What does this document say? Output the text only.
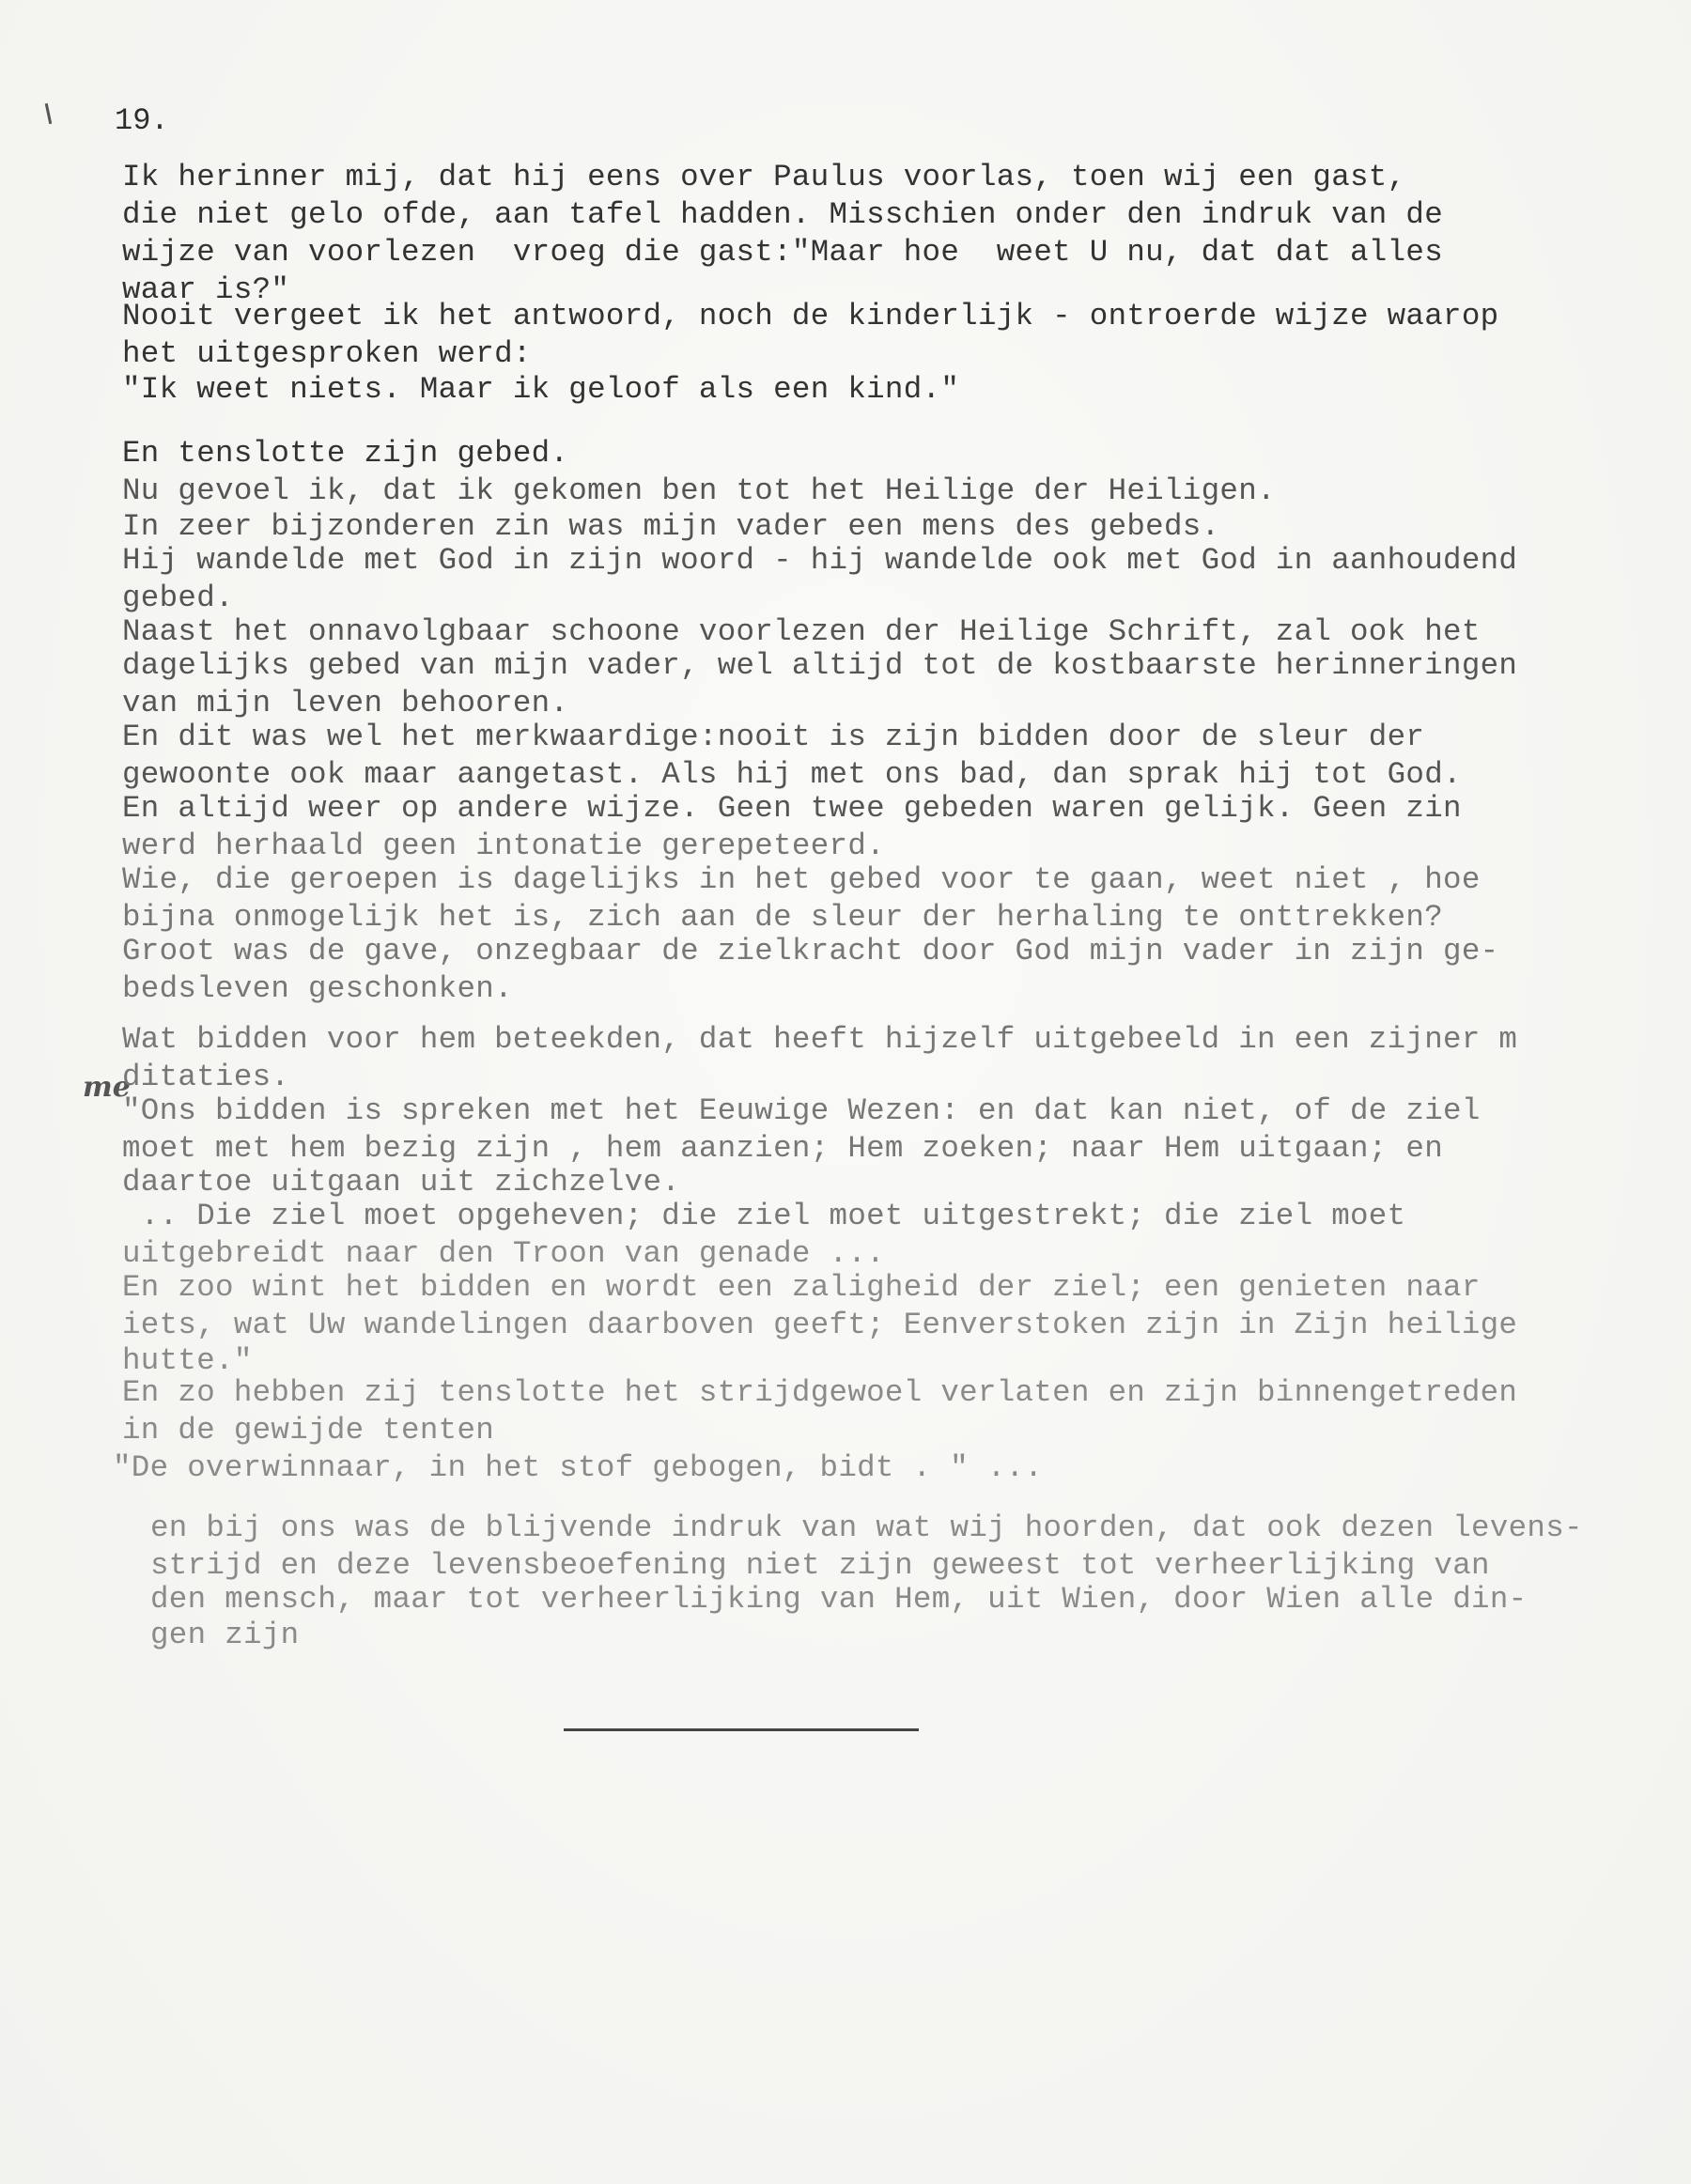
19.
me
Ik herinner mij, dat hij eens over Paulus voorlas, toen wij een gast,
die niet gelo ofde, aan tafel hadden. Misschien onder den indruk van de
wijze van voorlezen  vroeg die gast:"Maar hoe  weet U nu, dat dat alles
waar is?"
Nooit vergeet ik het antwoord, noch de kinderlijk - ontroerde wijze waarop
het uitgesproken werd:
"Ik weet niets. Maar ik geloof als een kind."
En tenslotte zijn gebed.
Nu gevoel ik, dat ik gekomen ben tot het Heilige der Heiligen.
In zeer bijzonderen zin was mijn vader een mens des gebeds.
Hij wandelde met God in zijn woord - hij wandelde ook met God in aanhoudend
gebed.
Naast het onnavolgbaar schoone voorlezen der Heilige Schrift, zal ook het
dagelijks gebed van mijn vader, wel altijd tot de kostbaarste herinneringen
van mijn leven behooren.
En dit was wel het merkwaardige:nooit is zijn bidden door de sleur der
gewoonte ook maar aangetast. Als hij met ons bad, dan sprak hij tot God.
En altijd weer op andere wijze. Geen twee gebeden waren gelijk. Geen zin
werd herhaald geen intonatie gerepeteerd.
Wie, die geroepen is dagelijks in het gebed voor te gaan, weet niet , hoe
bijna onmogelijk het is, zich aan de sleur der herhaling te onttrekken?
Groot was de gave, onzegbaar de zielkracht door God mijn vader in zijn ge-
bedsleven geschonken.
Wat bidden voor hem beteekden, dat heeft hijzelf uitgebeeld in een zijner m
ditaties.
"Ons bidden is spreken met het Eeuwige Wezen: en dat kan niet, of de ziel
moet met hem bezig zijn , hem aanzien; Hem zoeken; naar Hem uitgaan; en
daartoe uitgaan uit zichzelve.
.. Die ziel moet opgeheven; die ziel moet uitgestrekt; die ziel moet
uitgebreidt naar den Troon van genade ...
En zoo wint het bidden en wordt een zaligheid der ziel; een genieten naar
iets, wat Uw wandelingen daarboven geeft; Eenverstoken zijn in Zijn heilige
hutte."
En zo hebben zij tenslotte het strijdgewoel verlaten en zijn binnengetreden
in de gewijde tenten
"De overwinnaar, in het stof gebogen, bidt . " ...
en bij ons was de blijvende indruk van wat wij hoorden, dat ook dezen levens-
strijd en deze levensbeoefening niet zijn geweest tot verheerlijking van
den mensch, maar tot verheerlijking van Hem, uit Wien, door Wien alle din-
gen zijn
